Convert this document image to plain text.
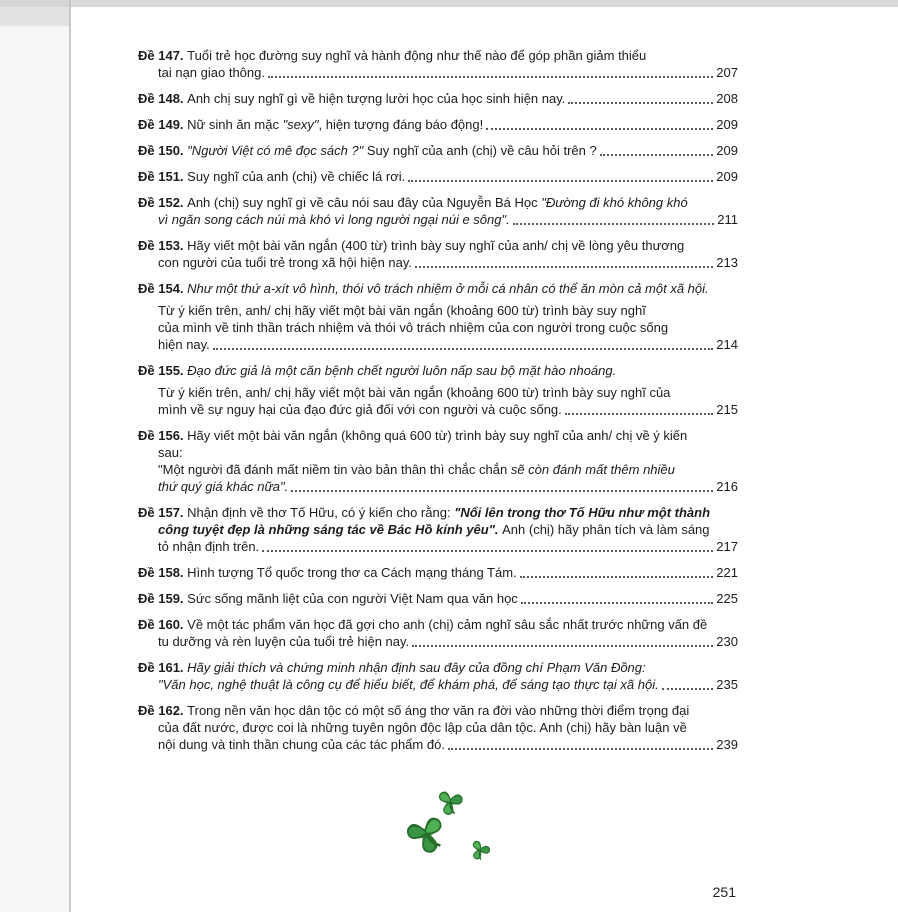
Đề 147. Tuổi trẻ học đường suy nghĩ và hành động như thế nào để góp phần giảm thiểu
tai nạn giao thông.	207
Đề 148. Anh chị suy nghĩ gì về hiện tượng lười học của học sinh hiện nay.	208
Đề 149. Nữ sinh ăn mặc "sexy", hiện tượng đáng báo động!	209
Đề 150. "Người Việt có mê đọc sách ?" Suy nghĩ của anh (chị) về câu hỏi trên ?	209
Đề 151. Suy nghĩ của anh (chị) về chiếc lá rơi.	209
Đề 152. Anh (chị) suy nghĩ gì về câu nói sau đây của Nguyễn Bá Học "Đường đi khó không khó
vì ngăn song cách núi mà khó vì long người ngại núi e sông".	211
Đề 153. Hãy viết một bài văn ngắn (400 từ) trình bày suy nghĩ của anh/ chị về lòng yêu thương
con người của tuổi trẻ trong xã hội hiện nay.	213
Đề 154. Như một thứ a-xít vô hình, thói vô trách nhiệm ở mỗi cá nhân có thể ăn mòn cả một xã hội.
Từ ý kiến trên, anh/ chị hãy viết một bài văn ngắn (khoảng 600 từ) trình bày suy nghĩ
của mình về tinh thần trách nhiệm và thói vô trách nhiệm của con người trong cuộc sống
hiện nay.	214
Đề 155. Đạo đức giả là một căn bệnh chết người luôn nấp sau bộ mặt hào nhoáng.
Từ ý kiến trên, anh/ chị hãy viết một bài văn ngắn (khoảng 600 từ) trình bày suy nghĩ của
mình về sự nguy hại của đạo đức giả đối với con người và cuộc sống.	215
Đề 156. Hãy viết một bài văn ngắn (không quá 600 từ) trình bày suy nghĩ của anh/ chị về ý kiến
sau:
"Một người đã đánh mất niềm tin vào bản thân thì chắc chắn sẽ còn đánh mất thêm nhiều
thứ quý giá khác nữa".	216
Đề 157. Nhận định về thơ Tố Hữu, có ý kiến cho rằng: "Nổi lên trong thơ Tố Hữu như một thành
công tuyệt đẹp là những sáng tác về Bác Hồ kính yêu". Anh (chị) hãy phân tích và làm sáng
tỏ nhận định trên.	217
Đề 158. Hình tượng Tổ quốc trong thơ ca Cách mạng tháng Tám.	221
Đề 159. Sức sống mãnh liệt của con người Việt Nam qua văn học	225
Đề 160. Về một tác phẩm văn học đã gợi cho anh (chị) cảm nghĩ sâu sắc nhất trước những vấn đề
tu dưỡng và rèn luyện của tuổi trẻ hiện nay.	230
Đề 161. Hãy giải thích và chứng minh nhận định sau đây của đồng chí Phạm Văn Đồng:
"Văn học, nghệ thuật là công cụ để hiểu biết, để khám phá, để sáng tạo thực tại xã hội.	235
Đề 162. Trong nền văn học dân tộc có một số áng thơ văn ra đời vào những thời điểm trọng đại
của đất nước, được coi là những tuyên ngôn độc lập của dân tộc. Anh (chị) hãy bàn luận về
nội dung và tinh thần chung của các tác phẩm đó.	239
251
